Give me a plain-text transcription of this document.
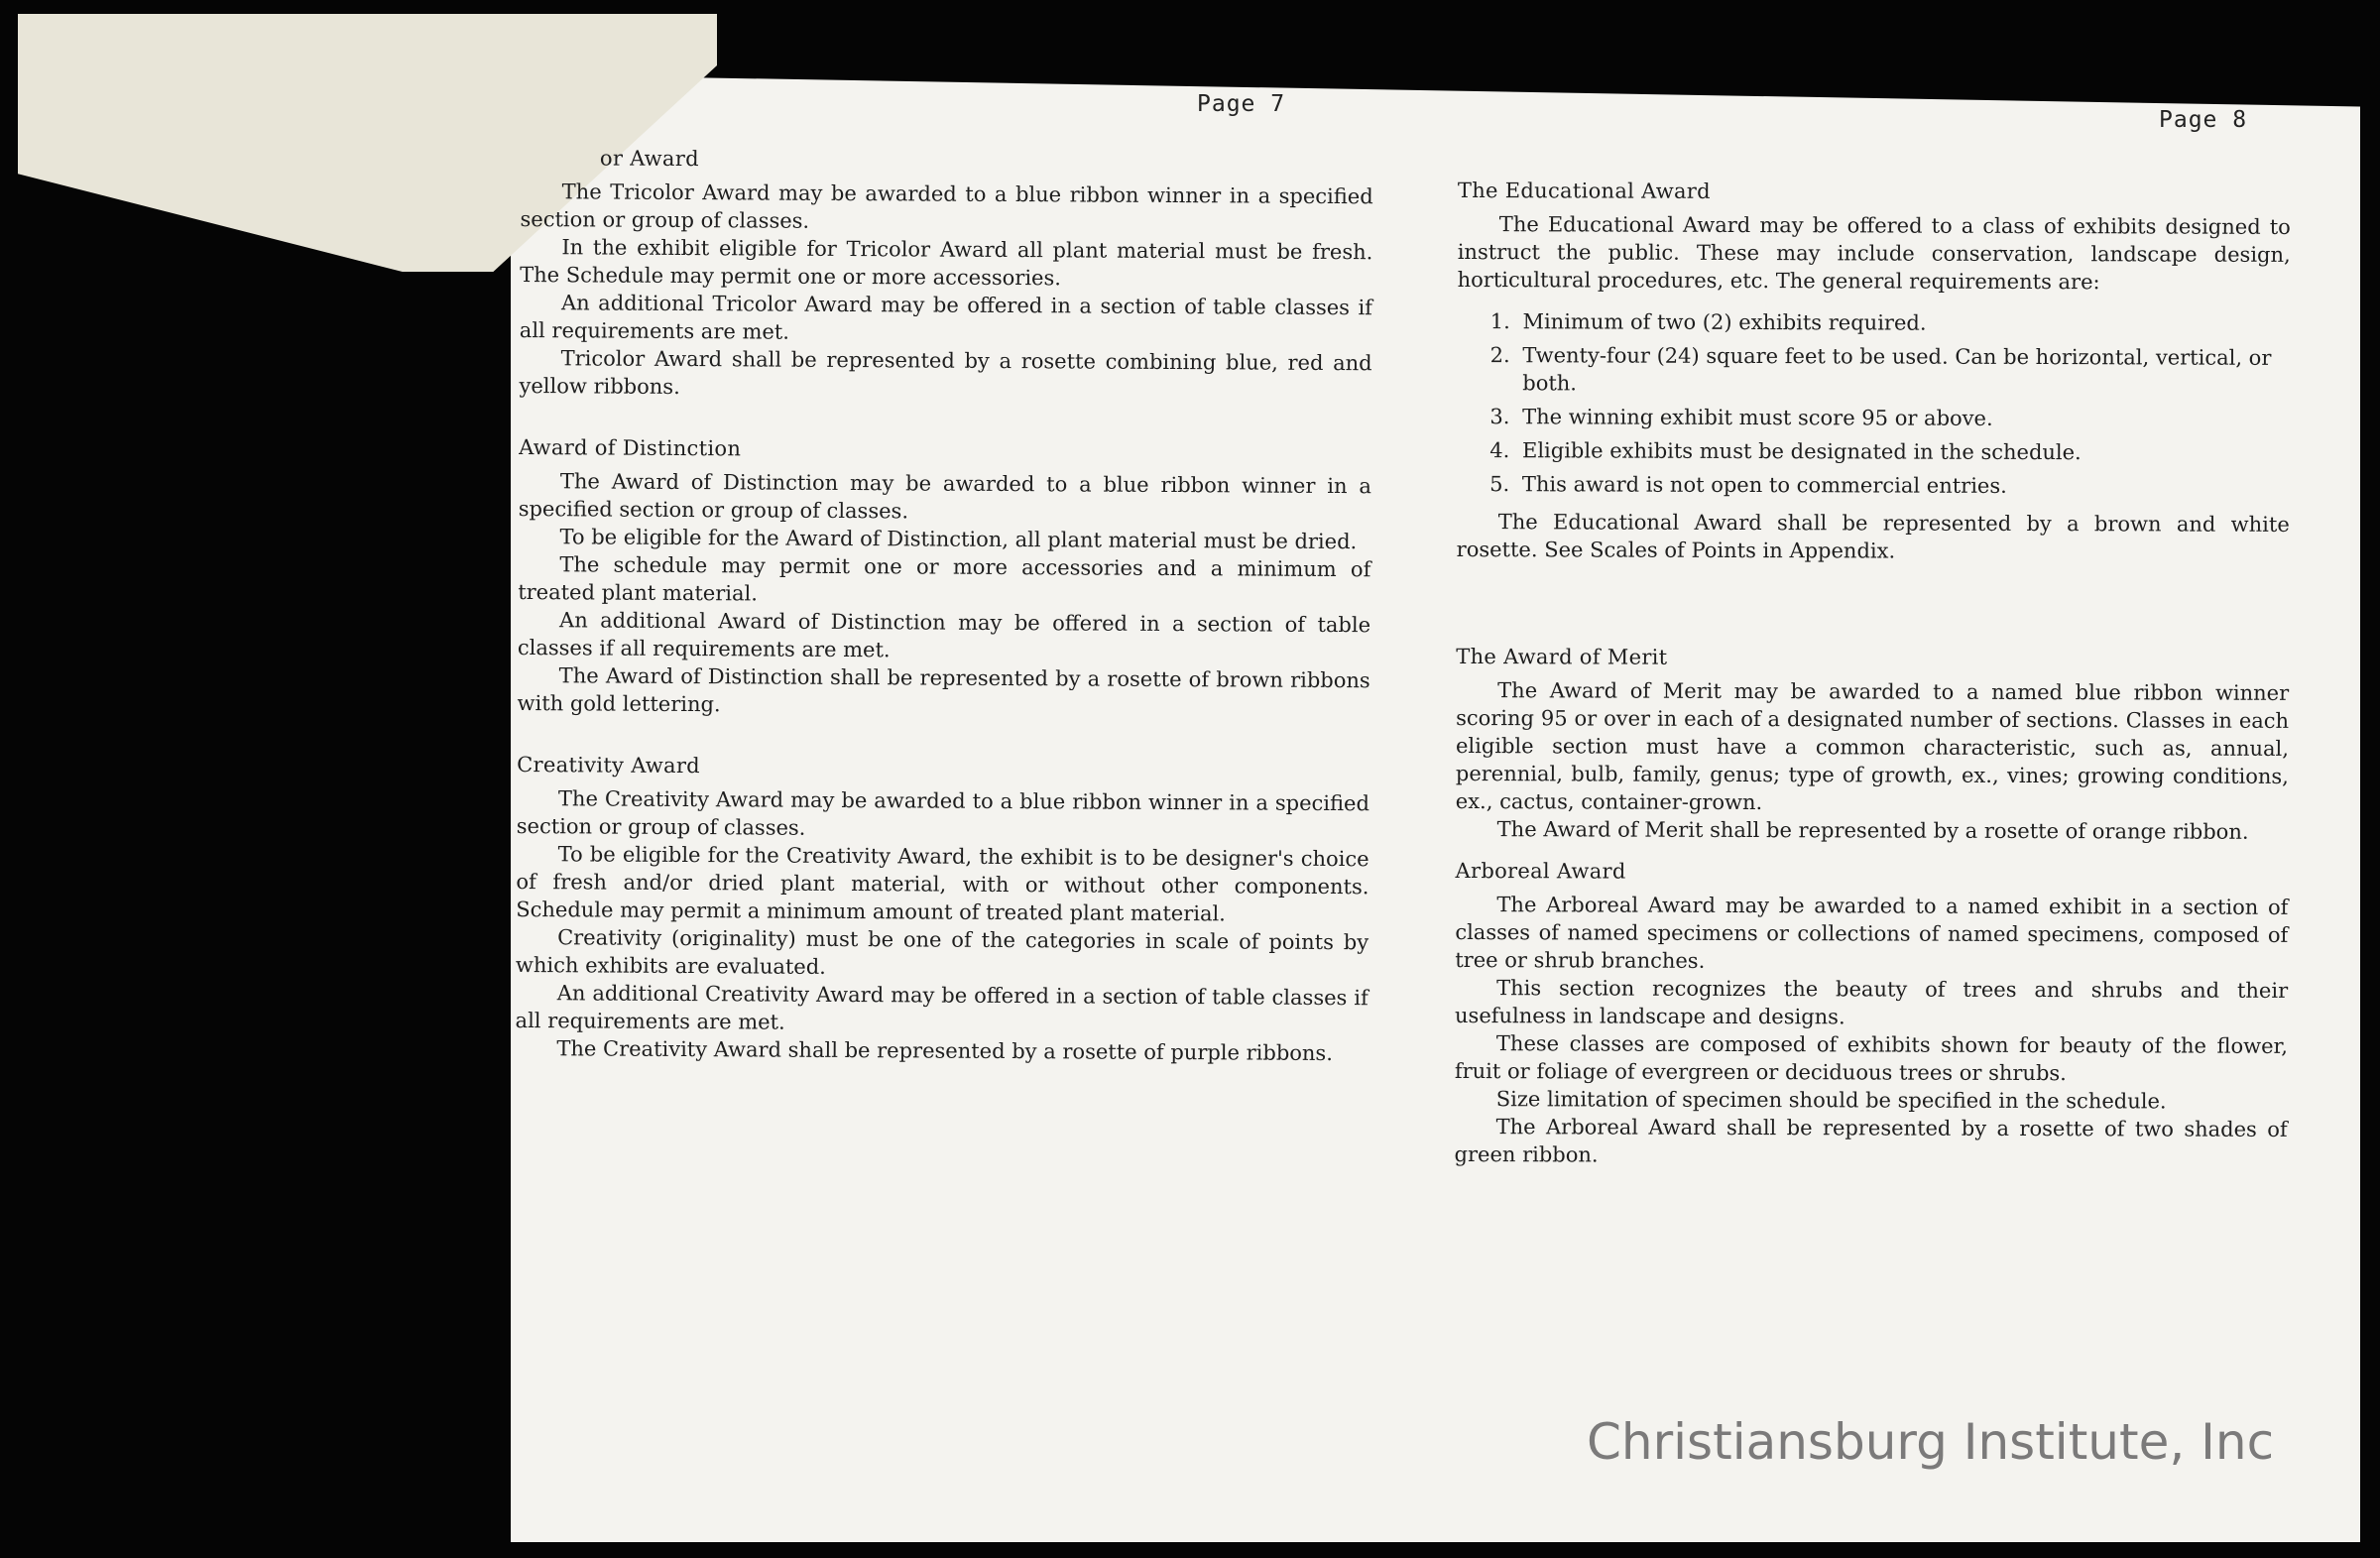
Page 7
Page 8
or Award

The Tricolor Award may be awarded to a blue ribbon winner in a specified section or group of classes.

In the exhibit eligible for Tricolor Award all plant material must be fresh. The Schedule may permit one or more accessories.

An additional Tricolor Award may be offered in a section of table classes if all requirements are met.

Tricolor Award shall be represented by a rosette combining blue, red and yellow ribbons.

Award of Distinction

The Award of Distinction may be awarded to a blue ribbon winner in a specified section or group of classes.

To be eligible for the Award of Distinction, all plant material must be dried.

The schedule may permit one or more accessories and a minimum of treated plant material.

An additional Award of Distinction may be offered in a section of table classes if all requirements are met.

The Award of Distinction shall be represented by a rosette of brown ribbons with gold lettering.

Creativity Award

The Creativity Award may be awarded to a blue ribbon winner in a specified section or group of classes.

To be eligible for the Creativity Award, the exhibit is to be designer's choice of fresh and/or dried plant material, with or without other components. Schedule may permit a minimum amount of treated plant material.

Creativity (originality) must be one of the categories in scale of points by which exhibits are evaluated.

An additional Creativity Award may be offered in a section of table classes if all requirements are met.

The Creativity Award shall be represented by a rosette of purple ribbons.

The Educational Award

The Educational Award may be offered to a class of exhibits designed to instruct the public. These may include conservation, landscape design, horticultural procedures, etc. The general requirements are:

1. Minimum of two (2) exhibits required.
2. Twenty-four (24) square feet to be used. Can be horizontal, vertical, or both.
3. The winning exhibit must score 95 or above.
4. Eligible exhibits must be designated in the schedule.
5. This award is not open to commercial entries.

The Educational Award shall be represented by a brown and white rosette. See Scales of Points in Appendix.

The Award of Merit

The Award of Merit may be awarded to a named blue ribbon winner scoring 95 or over in each of a designated number of sections. Classes in each eligible section must have a common characteristic, such as, annual, perennial, bulb, family, genus; type of growth, ex., vines; growing conditions, ex., cactus, container-grown.

The Award of Merit shall be represented by a rosette of orange ribbon.

Arboreal Award

The Arboreal Award may be awarded to a named exhibit in a section of classes of named specimens or collections of named specimens, composed of tree or shrub branches.

This section recognizes the beauty of trees and shrubs and their usefulness in landscape and designs.

These classes are composed of exhibits shown for beauty of the flower, fruit or foliage of evergreen or deciduous trees or shrubs.

Size limitation of specimen should be specified in the schedule.

The Arboreal Award shall be represented by a rosette of two shades of green ribbon.

Christiansburg Institute, Inc
